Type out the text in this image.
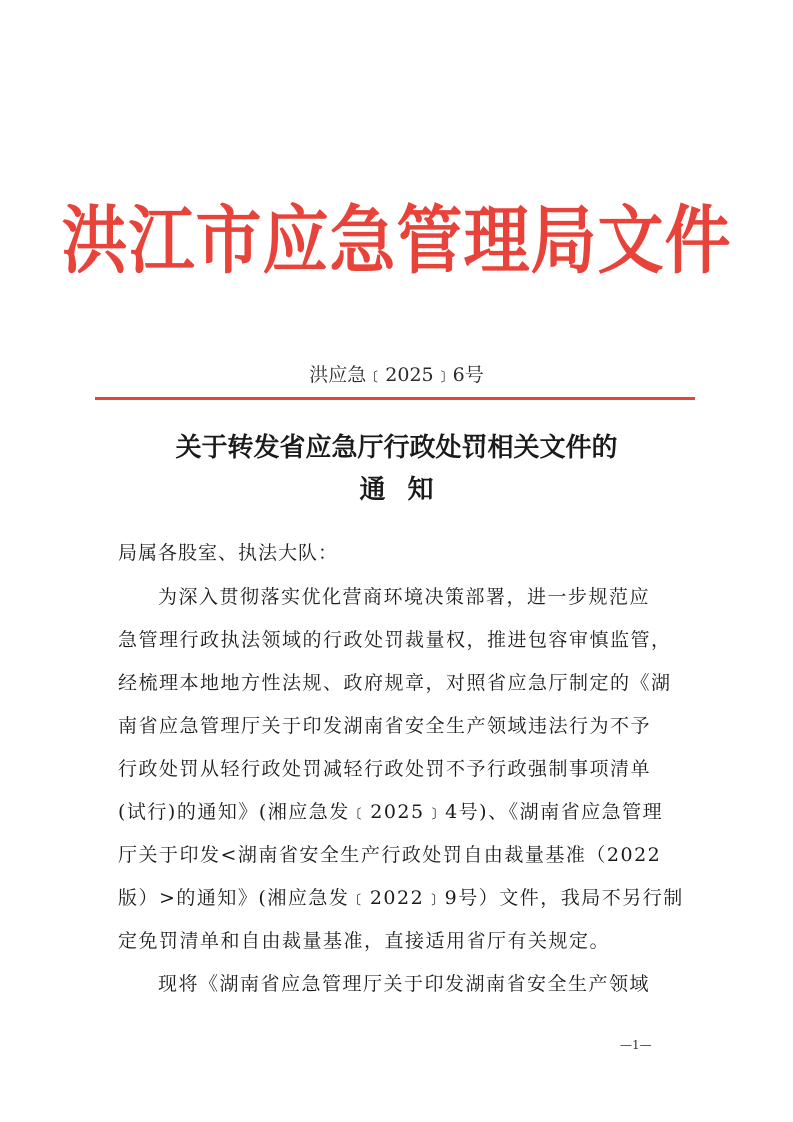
洪江市应急管理局文件
洪应急﹝2025﹞6号
关于转发省应急厅行政处罚相关文件的
通知
局属各股室、执法大队：
为深入贯彻落实优化营商环境决策部署，进一步规范应
急管理行政执法领域的行政处罚裁量权，推进包容审慎监管，
经梳理本地地方性法规、政府规章，对照省应急厅制定的《湖
南省应急管理厅关于印发湖南省安全生产领域违法行为不予
行政处罚从轻行政处罚减轻行政处罚不予行政强制事项清单
(试行)的通知》(湘应急发﹝2025﹞4号)、《湖南省应急管理
厅关于印发<湖南省安全生产行政处罚自由裁量基准（2022
版）>的通知》(湘应急发﹝2022﹞9号）文件，我局不另行制
定免罚清单和自由裁量基准，直接适用省厅有关规定。
现将《湖南省应急管理厅关于印发湖南省安全生产领域
—1—
